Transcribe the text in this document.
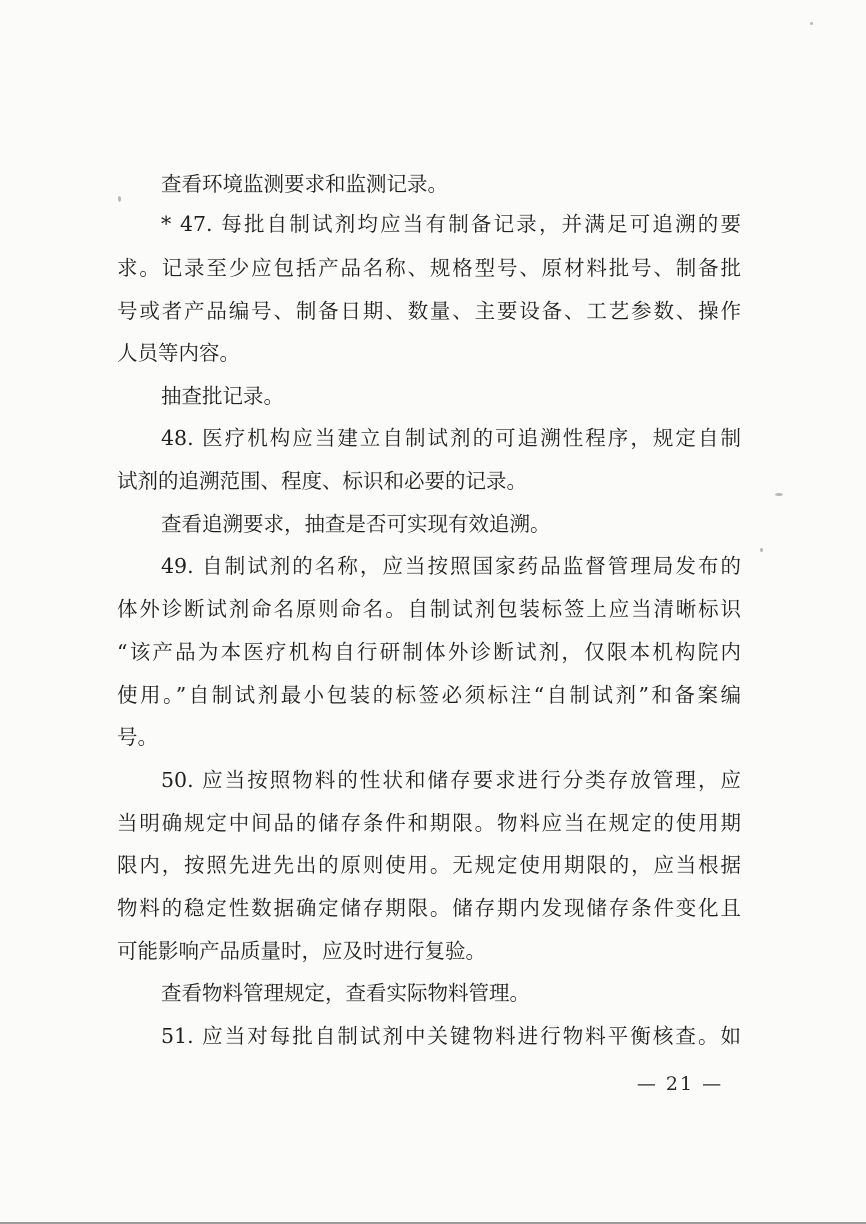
查看环境监测要求和监测记录。
* 47. 每批自制试剂均应当有制备记录，并满足可追溯的要
求。记录至少应包括产品名称、规格型号、原材料批号、制备批
号或者产品编号、制备日期、数量、主要设备、工艺参数、操作
人员等内容。
抽查批记录。
48. 医疗机构应当建立自制试剂的可追溯性程序，规定自制
试剂的追溯范围、程度、标识和必要的记录。
查看追溯要求，抽查是否可实现有效追溯。
49. 自制试剂的名称，应当按照国家药品监督管理局发布的
体外诊断试剂命名原则命名。自制试剂包装标签上应当清晰标识
“该产品为本医疗机构自行研制体外诊断试剂，仅限本机构院内
使用。”自制试剂最小包装的标签必须标注“自制试剂”和备案编
号。
50. 应当按照物料的性状和储存要求进行分类存放管理，应
当明确规定中间品的储存条件和期限。物料应当在规定的使用期
限内，按照先进先出的原则使用。无规定使用期限的，应当根据
物料的稳定性数据确定储存期限。储存期内发现储存条件变化且
可能影响产品质量时，应及时进行复验。
查看物料管理规定，查看实际物料管理。
51. 应当对每批自制试剂中关键物料进行物料平衡核查。如
— 21 —
